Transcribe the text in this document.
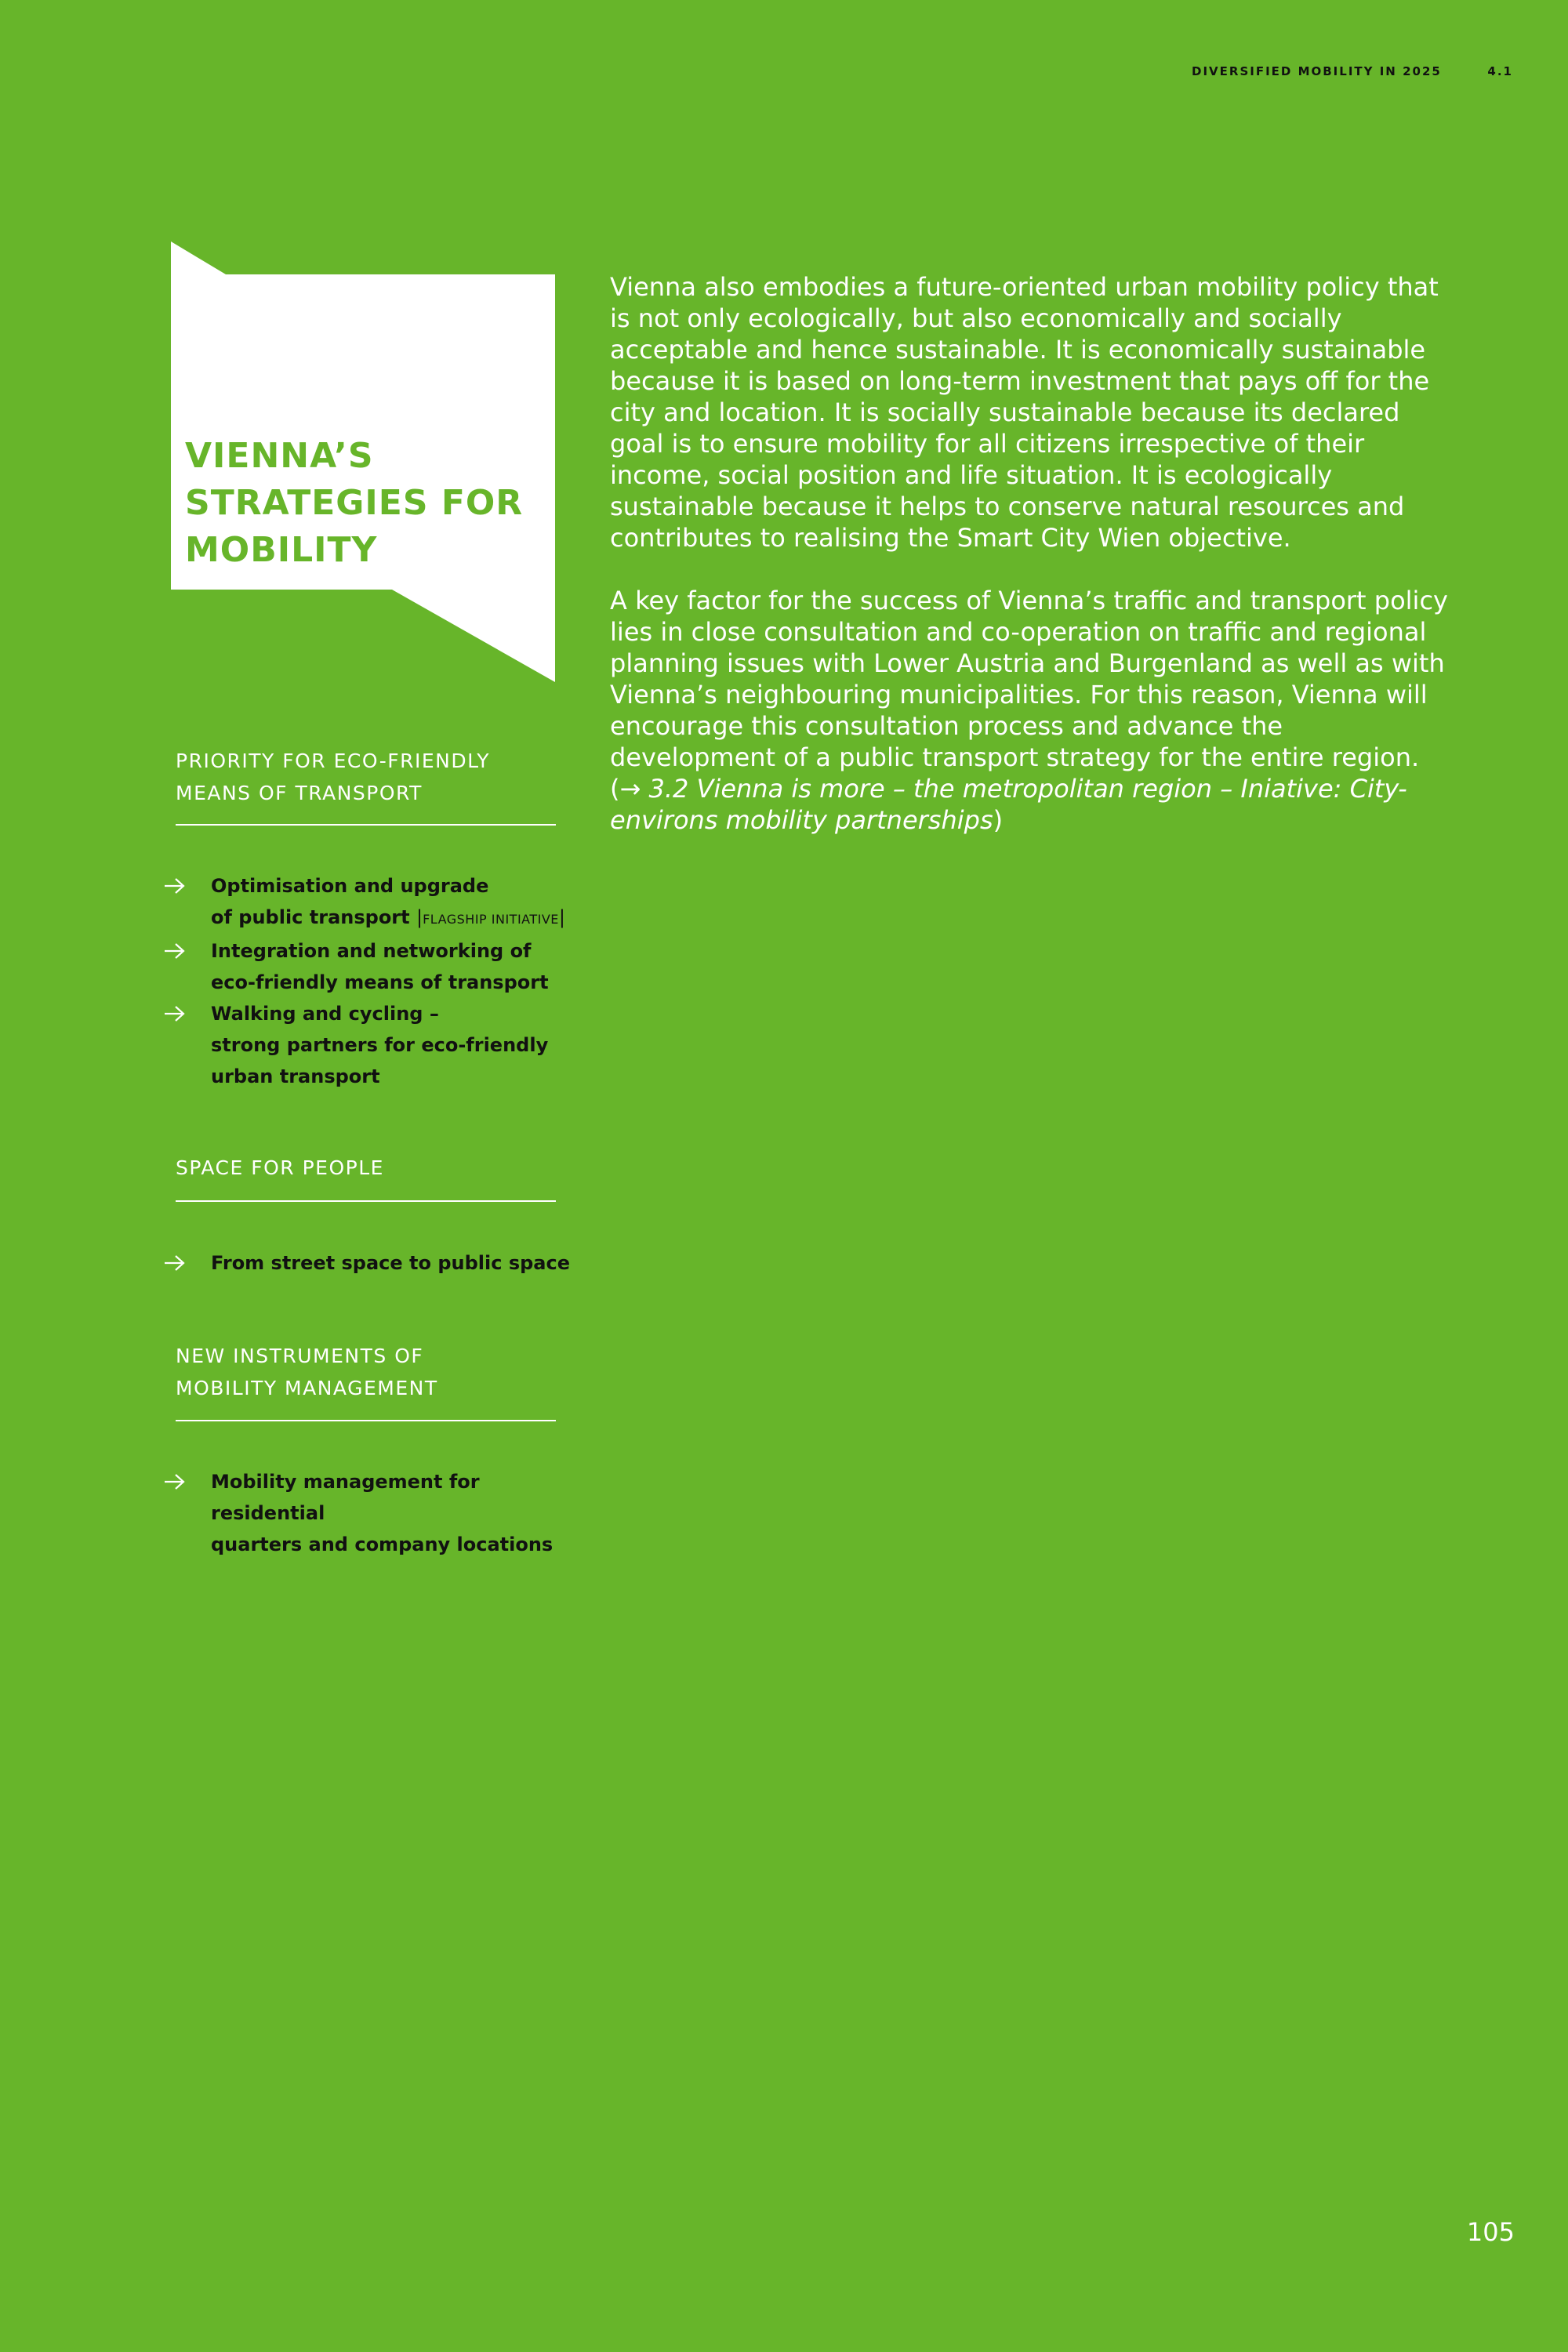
DIVERSIFIED MOBILITY IN 2025	4.1
VIENNA’S
STRATEGIES FOR
MOBILITY
PRIORITY FOR ECO-FRIENDLY
MEANS OF TRANSPORT
Optimisation and upgrade
of public transport |FLAGSHIP INITIATIVE|
Integration and networking of
eco-friendly means of transport
Walking and cycling –
strong partners for eco-friendly
urban transport
SPACE FOR PEOPLE
From street space to public space
NEW INSTRUMENTS OF
MOBILITY MANAGEMENT
Mobility management for residential
quarters and company locations

Vienna also embodies a future-oriented urban mobility policy that is not only ecologically, but also economically and socially acceptable and hence sustainable. It is economically sustainable because it is based on long-term investment that pays off for the city and location. It is socially sustainable because its declared goal is to ensure mobility for all citizens irrespective of their income, social position and life situation. It is ecologically sustainable because it helps to conserve natural resources and contributes to realising the Smart City Wien objective.

A key factor for the success of Vienna’s traffic and transport policy lies in close consultation and co-operation on traffic and regional planning issues with Lower Austria and Burgenland as well as with Vienna’s neighbouring municipalities. For this reason, Vienna will encourage this consultation process and advance the development of a public transport strategy for the entire region. (→ 3.2 Vienna is more – the metropolitan region – Iniative: City-environs mobility partnerships)

105
